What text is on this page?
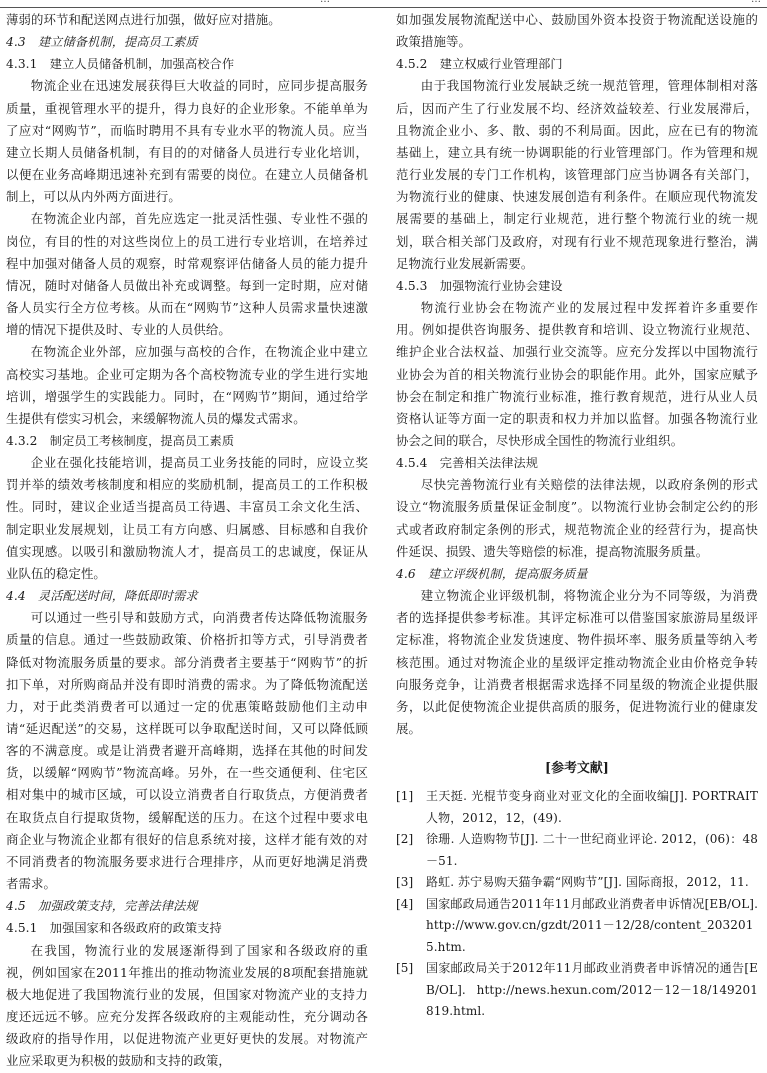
薄弱的环节和配送网点进行加强，做好应对措施。

4.3　建立储备机制，提高员工素质
4.3.1　建立人员储备机制，加强高校合作

物流企业在迅速发展获得巨大收益的同时，应同步提高服务质量，重视管理水平的提升，得力良好的企业形象。不能单单为了应对“网购节”，而临时聘用不具有专业水平的物流人员。应当建立长期人员储备机制，有目的的对储备人员进行专业化培训，以便在业务高峰期迅速补充到有需要的岗位。在建立人员储备机制上，可以从内外两方面进行。

在物流企业内部，首先应选定一批灵活性强、专业性不强的岗位，有目的性的对这些岗位上的员工进行专业培训，在培养过程中加强对储备人员的观察，时常观察评估储备人员的能力提升情况，随时对储备人员做出补充或调整。每到一定时期，应对储备人员实行全方位考核。从而在“网购节”这种人员需求量快速激增的情况下提供及时、专业的人员供给。

在物流企业外部，应加强与高校的合作，在物流企业中建立高校实习基地。企业可定期为各个高校物流专业的学生进行实地培训，增强学生的实践能力。同时，在“网购节”期间，通过给学生提供有偿实习机会，来缓解物流人员的爆发式需求。

4.3.2　制定员工考核制度，提高员工素质

企业在强化技能培训，提高员工业务技能的同时，应设立奖罚并举的绩效考核制度和相应的奖励机制，提高员工的工作积极性。同时，建议企业适当提高员工待遇、丰富员工余文化生活、制定职业发展规划，让员工有方向感、归属感、目标感和自我价值实现感。以吸引和激励物流人才，提高员工的忠诚度，保证从业队伍的稳定性。

4.4　灵活配送时间，降低即时需求

可以通过一些引导和鼓励方式，向消费者传达降低物流服务质量的信息。通过一些鼓励政策、价格折扣等方式，引导消费者降低对物流服务质量的要求。部分消费者主要基于“网购节”的折扣下单，对所购商品并没有即时消费的需求。为了降低物流配送力，对于此类消费者可以通过一定的优惠策略鼓励他们主动申请“延迟配送”的交易，这样既可以争取配送时间，又可以降低顾客的不满意度。或是让消费者避开高峰期，选择在其他的时间发货，以缓解“网购节”物流高峰。另外，在一些交通便利、住宅区相对集中的城市区域，可以设立消费者自行取货点，方便消费者在取货点自行提取货物，缓解配送的压力。在这个过程中要求电商企业与物流企业都有很好的信息系统对接，这样才能有效的对不同消费者的物流服务要求进行合理排序，从而更好地满足消费者需求。

4.5　加强政策支持，完善法律法规
4.5.1　加强国家和各级政府的政策支持

在我国，物流行业的发展逐渐得到了国家和各级政府的重视，例如国家在2011年推出的推动物流业发展的8项配套措施就极大地促进了我国物流行业的发展，但国家对物流产业的支持力度还远远不够。应充分发挥各级政府的主观能动性，充分调动各级政府的指导作用，以促进物流产业更好更快的发展。对物流产业应采取更为积极的鼓励和支持的政策，

如加强发展物流配送中心、鼓励国外资本投资于物流配送设施的政策措施等。

4.5.2　建立权威行业管理部门

由于我国物流行业发展缺乏统一规范管理，管理体制相对落后，因而产生了行业发展不均、经济效益较差、行业发展滞后，且物流企业小、多、散、弱的不利局面。因此，应在已有的物流基础上，建立具有统一协调职能的行业管理部门。作为管理和规范行业发展的专门工作机构，该管理部门应当协调各有关部门，为物流行业的健康、快速发展创造有利条件。在顺应现代物流发展需要的基础上，制定行业规范，进行整个物流行业的统一规划，联合相关部门及政府，对现有行业不规范现象进行整治，满足物流行业发展新需要。

4.5.3　加强物流行业协会建设

物流行业协会在物流产业的发展过程中发挥着许多重要作用。例如提供咨询服务、提供教育和培训、设立物流行业规范、维护企业合法权益、加强行业交流等。应充分发挥以中国物流行业协会为首的相关物流行业协会的职能作用。此外，国家应赋予协会在制定和推广物流行业标准，推行教育规范，进行从业人员资格认证等方面一定的职责和权力并加以监督。加强各物流行业协会之间的联合，尽快形成全国性的物流行业组织。

4.5.4　完善相关法律法规

尽快完善物流行业有关赔偿的法律法规，以政府条例的形式设立“物流服务质量保证金制度”。以物流行业协会制定公约的形式或者政府制定条例的形式，规范物流企业的经营行为，提高快件延误、损毁、遗失等赔偿的标准，提高物流服务质量。

4.6　建立评级机制，提高服务质量

建立物流企业评级机制，将物流企业分为不同等级，为消费者的选择提供参考标准。其评定标准可以借鉴国家旅游局星级评定标准，将物流企业发货速度、物件损坏率、服务质量等纳入考核范围。通过对物流企业的星级评定推动物流企业由价格竞争转向服务竞争，让消费者根据需求选择不同星级的物流企业提供服务，以此促使物流企业提供高质的服务，促进物流行业的健康发展。

[参考文献]
[1]	王天挺. 光棍节变身商业对亚文化的全面收编[J]. PORTRAIT人物，2012，12，(49).
[2]	徐珊. 人造购物节[J]. 二十一世纪商业评论. 2012，(06)：48－51.
[3]	路虹. 苏宁易购天猫争霸“网购节”[J]. 国际商报，2012，11.
[4]	国家邮政局通告2011年11月邮政业消费者申诉情况[EB/OL]. http://www.gov.cn/gzdt/2011－12/28/content_2032015.htm.
[5]	国家邮政局关于2012年11月邮政业消费者申诉情况的通告[EB/OL]. http://news.hexun.com/2012－12－18/149201819.html.
